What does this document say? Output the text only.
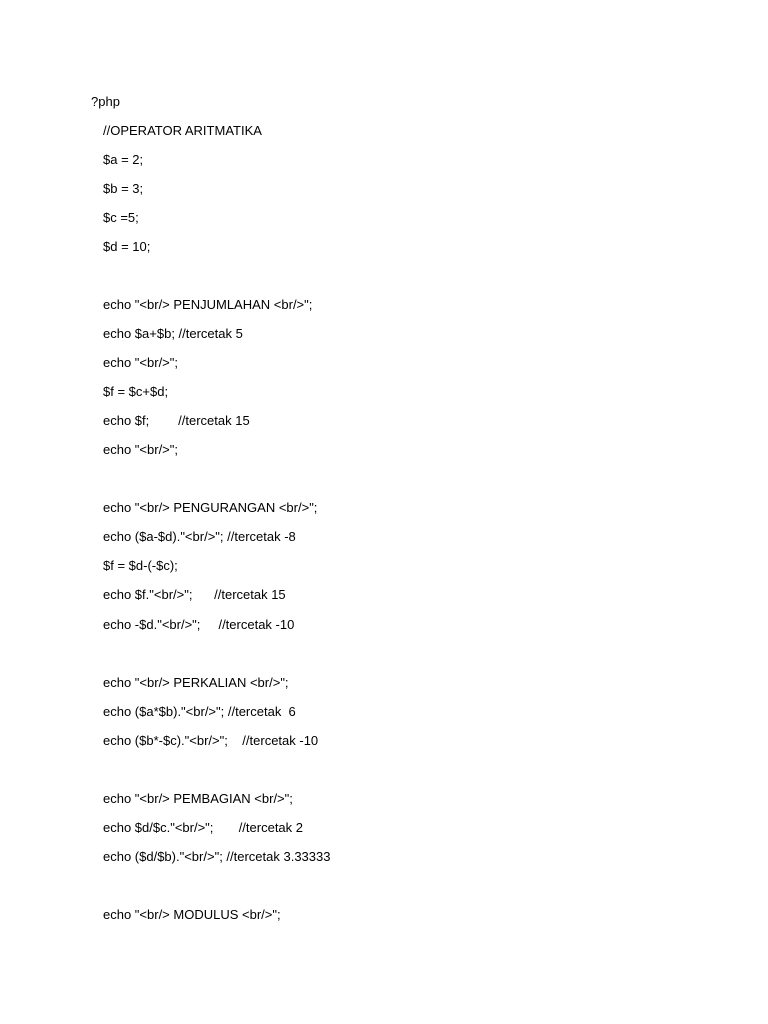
?php
//OPERATOR ARITMATIKA
$a = 2;
$b = 3;
$c =5;
$d = 10;
echo "<br/> PENJUMLAHAN <br/>";
echo $a+$b; //tercetak 5
echo "<br/>";
$f = $c+$d;
echo $f;        //tercetak 15
echo "<br/>";
echo "<br/> PENGURANGAN <br/>";
echo ($a-$d)."<br/>"; //tercetak -8
$f = $d-(-$c);
echo $f."<br/>";      //tercetak 15
echo -$d."<br/>";     //tercetak -10
echo "<br/> PERKALIAN <br/>";
echo ($a*$b)."<br/>"; //tercetak  6
echo ($b*-$c)."<br/>";    //tercetak -10
echo "<br/> PEMBAGIAN <br/>";
echo $d/$c."<br/>";       //tercetak 2
echo ($d/$b)."<br/>"; //tercetak 3.33333
echo "<br/> MODULUS <br/>";
